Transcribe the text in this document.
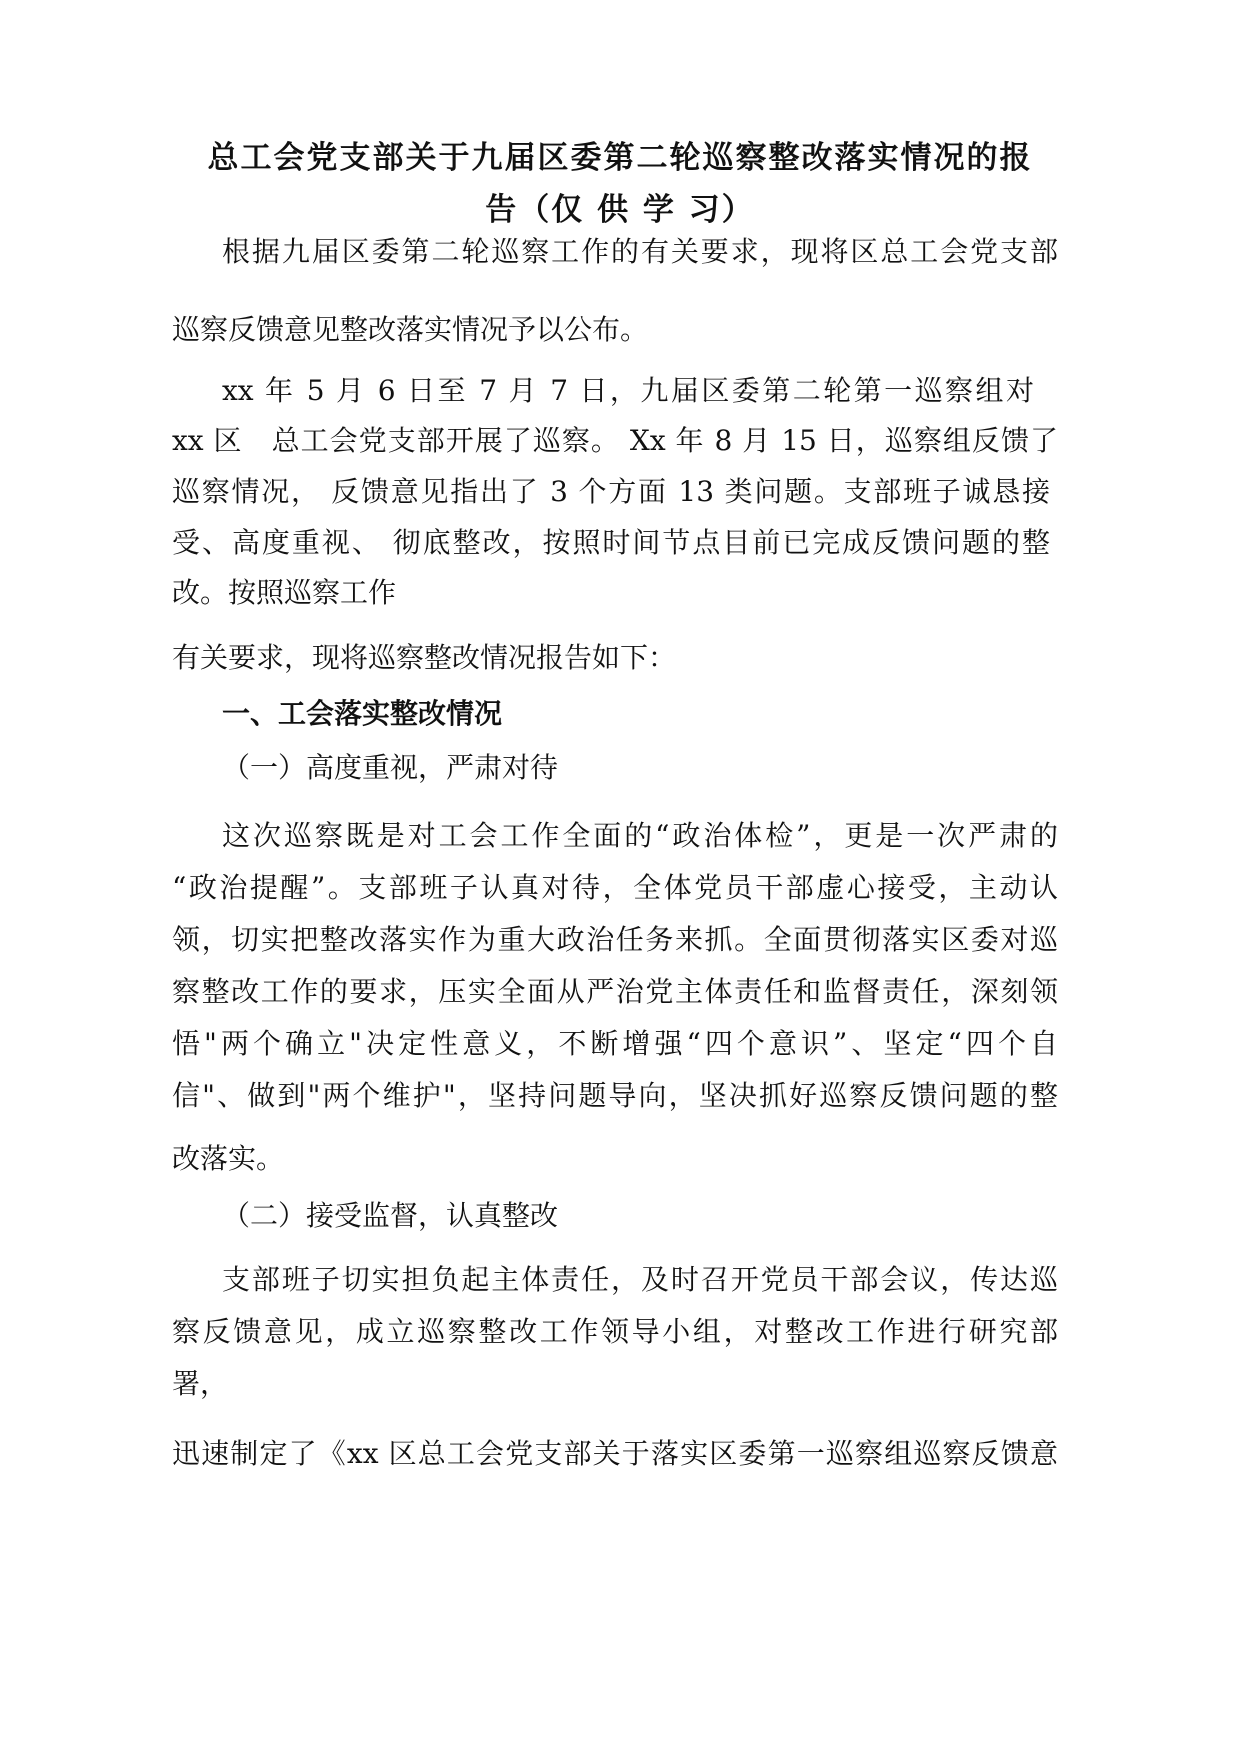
总工会党支部关于九届区委第二轮巡察整改落实情况的报

告（仅 供 学 习）

根据九届区委第二轮巡察工作的有关要求，现将区总工会党支部

巡察反馈意见整改落实情况予以公布。

xx 年 5 月 6 日至 7 月 7 日，九届区委第二轮第一巡察组对

xx 区　总工会党支部开展了巡察。 Xx 年 8 月 15 日，巡察组反馈了

巡察情况， 反馈意见指出了 3 个方面 13 类问题。支部班子诚恳接

受、高度重视、 彻底整改，按照时间节点目前已完成反馈问题的整

改。按照巡察工作

有关要求，现将巡察整改情况报告如下：

一、工会落实整改情况

（一）高度重视，严肃对待

这次巡察既是对工会工作全面的“政治体检”，更是一次严肃的

“政治提醒”。支部班子认真对待，全体党员干部虚心接受，主动认

领，切实把整改落实作为重大政治任务来抓。全面贯彻落实区委对巡

察整改工作的要求，压实全面从严治党主体责任和监督责任，深刻领

悟"两个确立"决定性意义，不断增强“四个意识”、坚定“四个自

信"、做到"两个维护"，坚持问题导向，坚决抓好巡察反馈问题的整

改落实。

（二）接受监督，认真整改

支部班子切实担负起主体责任，及时召开党员干部会议，传达巡

察反馈意见，成立巡察整改工作领导小组，对整改工作进行研究部

署，

迅速制定了《xx 区总工会党支部关于落实区委第一巡察组巡察反馈意
